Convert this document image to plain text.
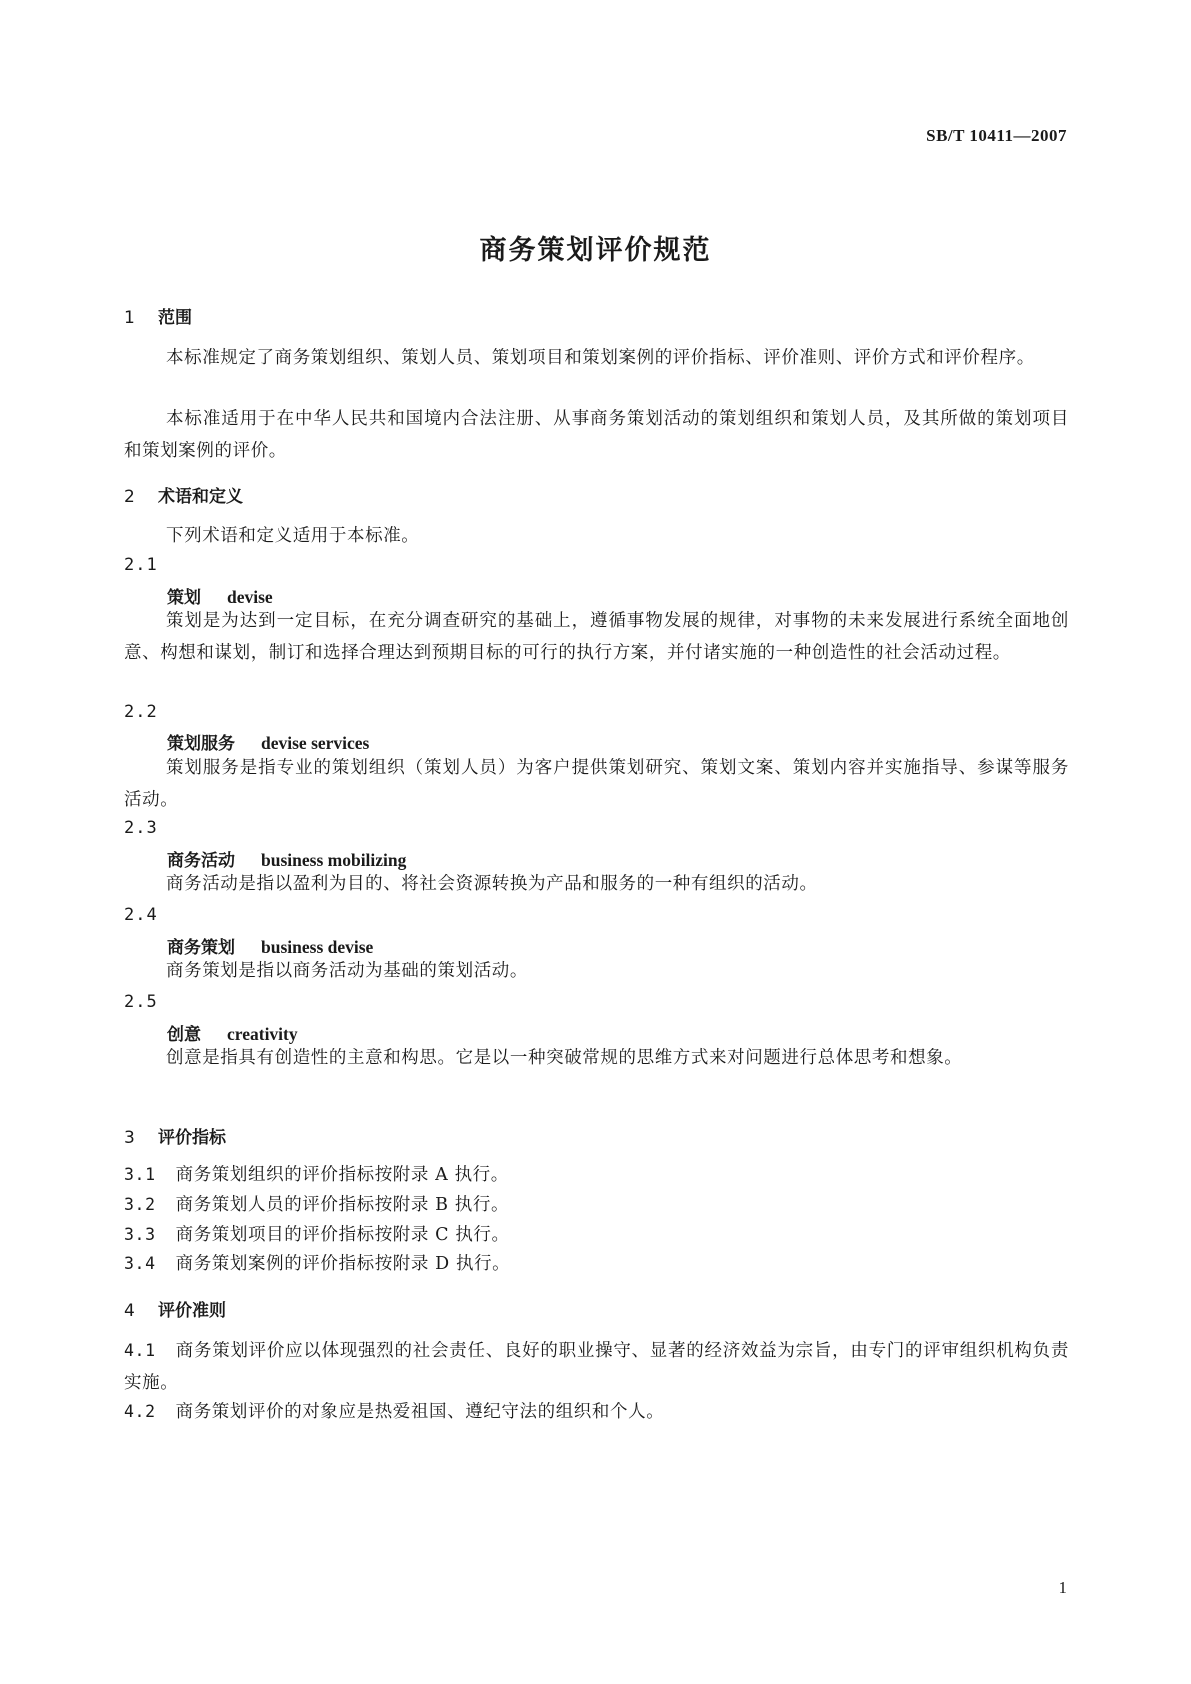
SB/T 10411—2007
商务策划评价规范
1 范围
本标准规定了商务策划组织、策划人员、策划项目和策划案例的评价指标、评价准则、评价方式和评价程序。
本标准适用于在中华人民共和国境内合法注册、从事商务策划活动的策划组织和策划人员，及其所做的策划项目和策划案例的评价。
2 术语和定义
下列术语和定义适用于本标准。
2.1
策划 devise
策划是为达到一定目标，在充分调查研究的基础上，遵循事物发展的规律，对事物的未来发展进行系统全面地创意、构想和谋划，制订和选择合理达到预期目标的可行的执行方案，并付诸实施的一种创造性的社会活动过程。
2.2
策划服务 devise services
策划服务是指专业的策划组织（策划人员）为客户提供策划研究、策划文案、策划内容并实施指导、参谋等服务活动。
2.3
商务活动 business mobilizing
商务活动是指以盈利为目的、将社会资源转换为产品和服务的一种有组织的活动。
2.4
商务策划 business devise
商务策划是指以商务活动为基础的策划活动。
2.5
创意 creativity
创意是指具有创造性的主意和构思。它是以一种突破常规的思维方式来对问题进行总体思考和想象。
3 评价指标
3.1 商务策划组织的评价指标按附录 A 执行。
3.2 商务策划人员的评价指标按附录 B 执行。
3.3 商务策划项目的评价指标按附录 C 执行。
3.4 商务策划案例的评价指标按附录 D 执行。
4 评价准则
4.1 商务策划评价应以体现强烈的社会责任、良好的职业操守、显著的经济效益为宗旨，由专门的评审组织机构负责实施。
4.2 商务策划评价的对象应是热爱祖国、遵纪守法的组织和个人。
1
